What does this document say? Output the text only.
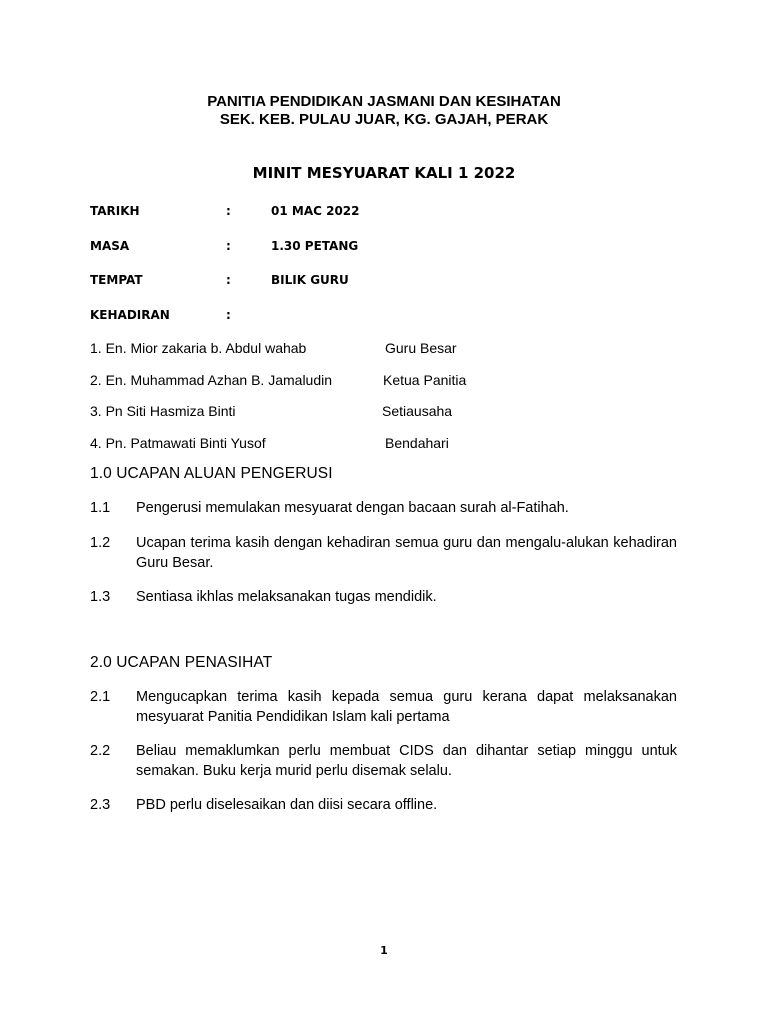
PANITIA PENDIDIKAN JASMANI DAN KESIHATAN
SEK. KEB. PULAU JUAR, KG. GAJAH, PERAK
MINIT MESYUARAT KALI 1 2022
TARIKH	:	01 MAC 2022
MASA	:	1.30 PETANG
TEMPAT	:	BILIK GURU
KEHADIRAN	:
1. En. Mior zakaria b. Abdul wahab	Guru Besar
2. En. Muhammad Azhan B. Jamaludin	Ketua Panitia
3. Pn Siti Hasmiza Binti	Setiausaha
4. Pn. Patmawati Binti Yusof	Bendahari
1.0 UCAPAN ALUAN PENGERUSI
1.1 Pengerusi memulakan mesyuarat dengan bacaan surah al-Fatihah.
1.2 Ucapan terima kasih dengan kehadiran semua guru dan mengalu-alukan kehadiran Guru Besar.
1.3 Sentiasa ikhlas melaksanakan tugas mendidik.
2.0 UCAPAN PENASIHAT
2.1 Mengucapkan terima kasih kepada semua guru kerana dapat melaksanakan mesyuarat Panitia Pendidikan Islam kali pertama
2.2 Beliau memaklumkan perlu membuat CIDS dan dihantar setiap minggu untuk semakan. Buku kerja murid perlu disemak selalu.
2.3 PBD perlu diselesaikan dan diisi secara offline.
1
